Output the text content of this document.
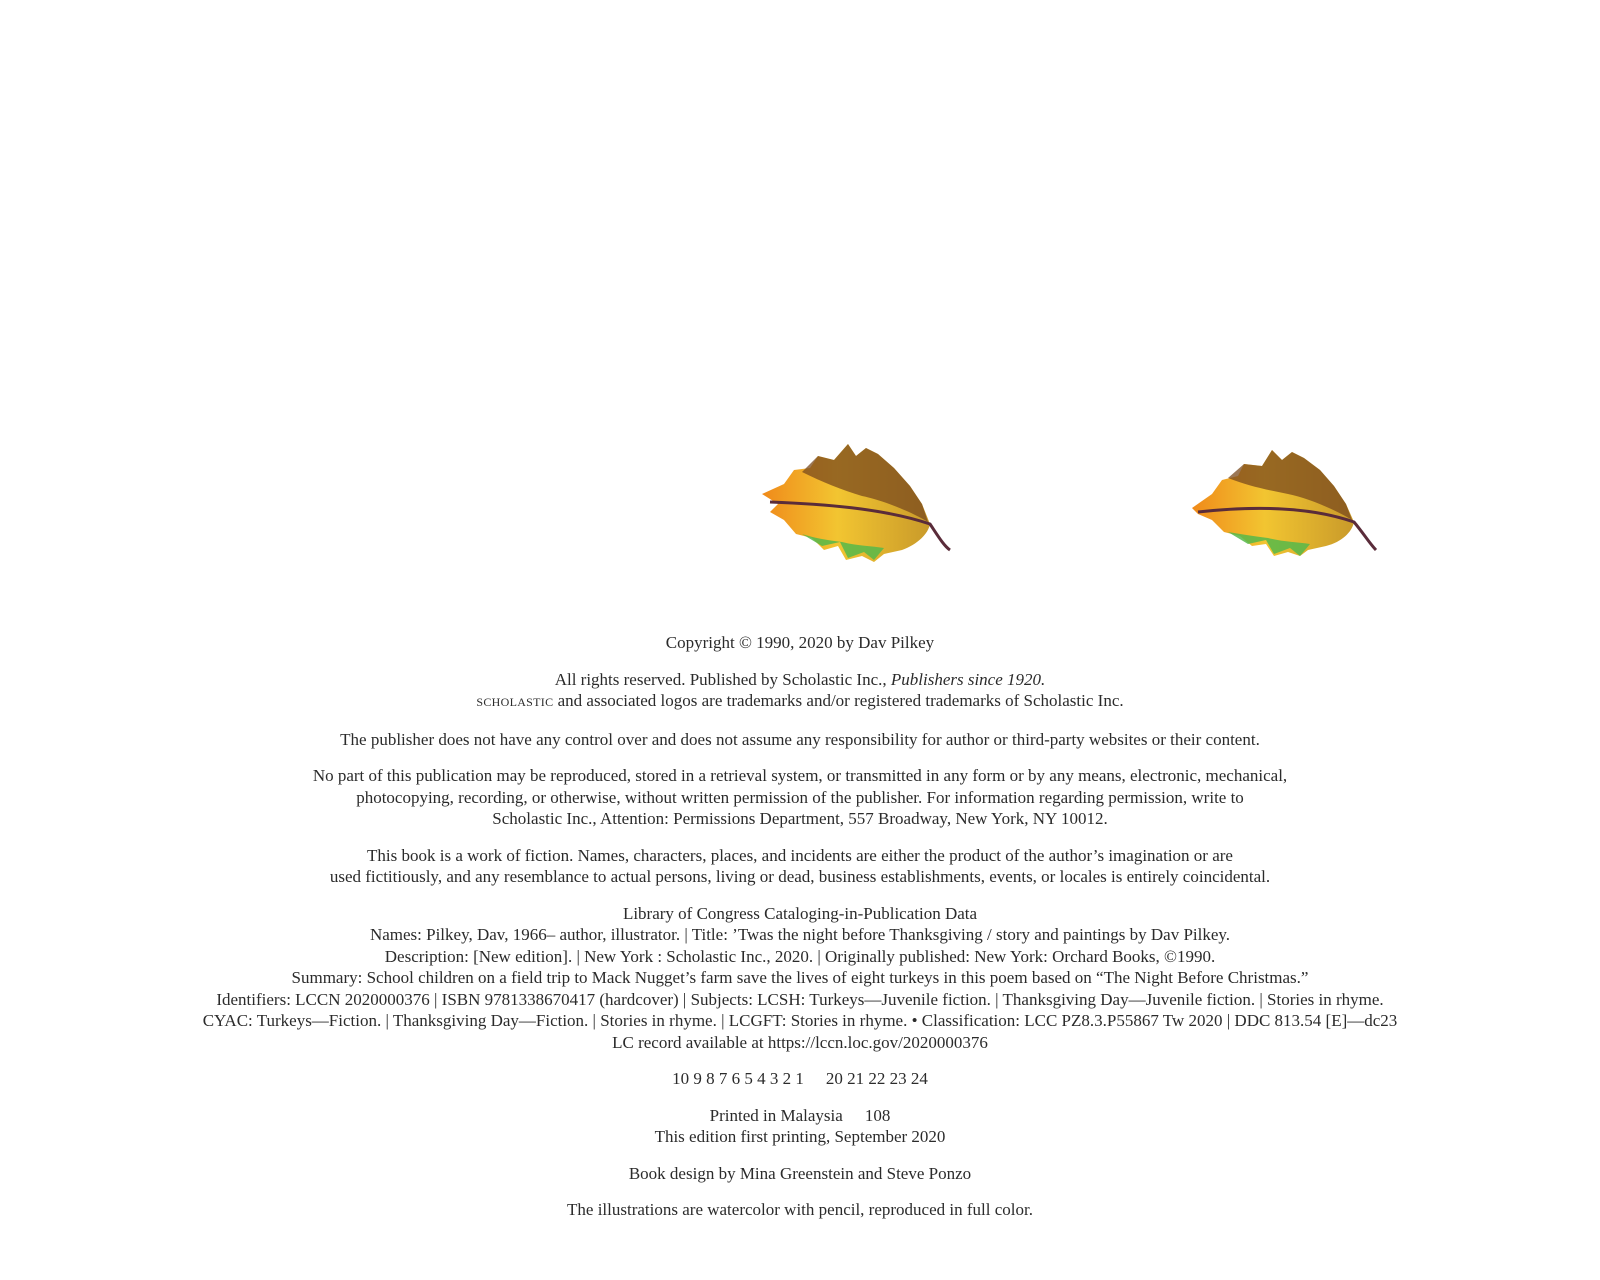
Copyright © 1990, 2020 by Dav Pilkey

All rights reserved. Published by Scholastic Inc., Publishers since 1920.
SCHOLASTIC and associated logos are trademarks and/or registered trademarks of Scholastic Inc.

The publisher does not have any control over and does not assume any responsibility for author or third-party websites or their content.

No part of this publication may be reproduced, stored in a retrieval system, or transmitted in any form or by any means, electronic, mechanical,
photocopying, recording, or otherwise, without written permission of the publisher. For information regarding permission, write to
Scholastic Inc., Attention: Permissions Department, 557 Broadway, New York, NY 10012.

This book is a work of fiction. Names, characters, places, and incidents are either the product of the author’s imagination or are
used fictitiously, and any resemblance to actual persons, living or dead, business establishments, events, or locales is entirely coincidental.

Library of Congress Cataloging-in-Publication Data
Names: Pilkey, Dav, 1966– author, illustrator. | Title: ’Twas the night before Thanksgiving / story and paintings by Dav Pilkey.
Description: [New edition]. | New York : Scholastic Inc., 2020. | Originally published: New York: Orchard Books, ©1990.
Summary: School children on a field trip to Mack Nugget’s farm save the lives of eight turkeys in this poem based on “The Night Before Christmas.”
Identifiers: LCCN 2020000376 | ISBN 9781338670417 (hardcover) | Subjects: LCSH: Turkeys—Juvenile fiction. | Thanksgiving Day—Juvenile fiction. | Stories in rhyme.
CYAC: Turkeys—Fiction. | Thanksgiving Day—Fiction. | Stories in rhyme. | LCGFT: Stories in rhyme. • Classification: LCC PZ8.3.P55867 Tw 2020 | DDC 813.54 [E]—dc23
LC record available at https://lccn.loc.gov/2020000376

10 9 8 7 6 5 4 3 2 1 20 21 22 23 24

Printed in Malaysia 108
This edition first printing, September 2020

Book design by Mina Greenstein and Steve Ponzo

The illustrations are watercolor with pencil, reproduced in full color.
